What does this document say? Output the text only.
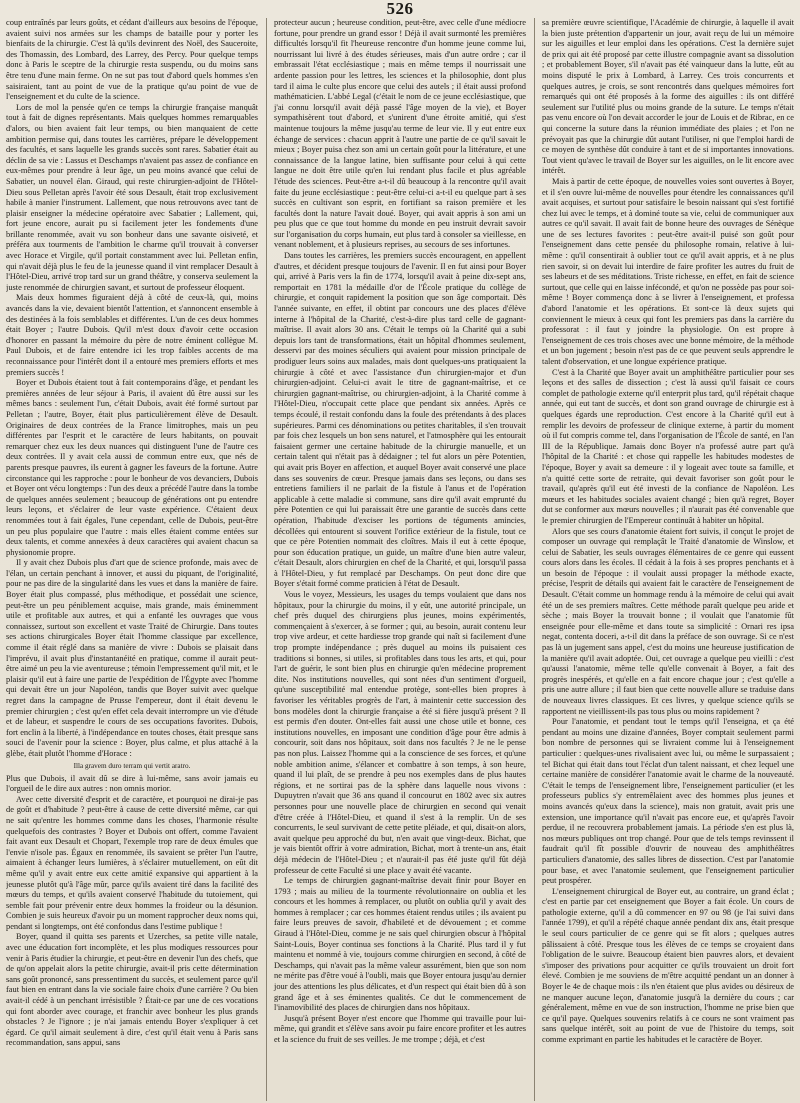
526

coup entraînés par leurs goûts, et cédant d'ailleurs aux besoins de l'époque, avaient suivi nos armées sur les champs de bataille pour y porter les bienfaits de la chirurgie. C'est là qu'ils devinrent des Noël, des Sauceroite, des Thomassin, des Lombard, des Larrey, des Percy. Pour quelque temps donc à Paris le sceptre de la chirurgie resta suspendu, ou du moins sans être tenu d'une main ferme. On ne sut pas tout d'abord quels hommes s'en saisiraient, tant au point de vue de la pratique qu'au point de vue de l'enseignement et du culte de la science.

Lors de mol la pensée qu'en ce temps la chirurgie française manquât tout à fait de dignes représentants. Mais quelques hommes remarquables d'alors, ou bien avaient fait leur temps, ou bien manquaient de cette ambition permise qui, dans toutes les carrières, prépare le développement des facultés, et sans laquelle les grands succès sont rares. Sabatier était au déclin de sa vie : Lassus et Deschamps n'avaient pas assez de confiance en eux-mêmes pour prendre à leur âge, un peu moins avancé que celui de Sabatier, un nouvel élan. Giraud, qui reste chirurgien-adjoint de l'Hôtel-Dieu sous Pelletan après l'avoir été sous Desault, était trop exclusivement habile à manier l'instrument. Lallement, que nous retrouvons avec tant de plaisir enseigner la médecine opératoire avec Sabatier ; Lallement, qui, fort jeune encore, aurait pu si facilement jeter les fondements d'une brillante renommée, avait vu son bonheur dans une savante oisiveté, et préféra aux tourments de l'ambition le charme qu'il trouvait à converser avec Horace et Virgile, qu'il portait constamment avec lui. Pelletan enfin, qui n'avait déjà plus le feu de la jeunesse quand il vint remplacer Desault à l'Hôtel-Dieu, arrivé trop tard sur un grand théâtre, y conserva seulement la juste renommée de chirurgien savant, et surtout de professeur éloquent.

Mais deux hommes figuraient déjà à côté de ceux-là, qui, moins avancés dans la vie, devaient bientôt l'attention, et s'annoncent ensemble à des destinées à la fois semblables et différentes. L'un de ces deux hommes était Boyer ; l'autre Dubois. Qu'il m'est doux d'avoir cette occasion d'honorer en passant la mémoire du père de notre éminent collègue M. Paul Dubois, et de faire entendre ici les trop faibles accents de ma reconnaissance pour l'intérêt dont il a entouré mes premiers efforts et mes premiers succès !

Boyer et Dubois étaient tout à fait contemporains d'âge, et pendant les premières années de leur séjour à Paris, il avaient dû être aussi sur les mêmes bancs : seulement l'un, c'était Dubois, avait été formé surtout par Pelletan ; l'autre, Boyer, était plus particulièrement élève de Desault. Originaires de deux contrées de la France limitrophes, mais un peu différentes par l'esprit et le caractère de leurs habitants, on pouvait remarquer chez eux les deux nuances qui distinguent l'une de l'autre ces deux contrées. Il y avait cela aussi de commun entre eux, que nés de parents presque pauvres, ils eurent à gagner les faveurs de la fortune. Autre circonstance qui les rapproche : pour le bonheur de vos devanciers, Dubois et Boyer ont vécu longtemps : l'un des deux a précédé l'autre dans la tombe de quelques années seulement ; beaucoup de générations ont pu entendre leurs leçons, et s'éclairer de leur vaste expérience. C'étaient deux renommées tout à fait égales, l'une cependant, celle de Dubois, peut-être un peu plus populaire que l'autre : mais elles étaient comme entées sur deux talents, et comme annexées à deux caractères qui avaient chacun sa physionomie propre.

Il y avait chez Dubois plus d'art que de science profonde, mais avec de l'élan, un certain penchant à innover, et aussi du piquant, de l'originalité, pour ne pas dire de la singularité dans les vues et dans la manière de faire. Boyer était plus compassé, plus méthodique, et possédait une science, peut-être un peu péniblement acquise, mais grande, mais éminemment utile et profitable aux autres, et qui a enfanté les ouvrages que vous connaissez, surtout son excellent et vaste Traité de Chirurgie. Dans toutes ses actions chirurgicales Boyer était l'homme classique par excellence, comme il était réglé dans sa manière de vivre : Dubois se plaisait dans l'imprévu, il avait plus d'instantanéité en pratique, comme il aurait peut-être aimé un peu la vie aventureuse ; témoin l'empressement qu'il mit, et le plaisir qu'il eut à faire une partie de l'expédition de l'Égypte avec l'homme qui devait être un jour Napoléon, tandis que Boyer suivit avec quelque regret dans la campagne de Prusse l'empereur, dont il était devenu le premier chirurgien ; c'est qu'en effet cela devait interrompre un vie d'étude et de labeur, et suspendre le cours de ses occupations favorites. Dubois, fort enclin à la liberté, à l'indépendance en toutes choses, était presque sans souci de l'avenir pour la science : Boyer, plus calme, et plus attaché à la glèbe, était plutôt l'homme d'Horace :

Illa gravem duro terram qui vertit aratro.

Plus que Dubois, il avait dû se dire à lui-même, sans avoir jamais eu l'orgueil de le dire aux autres : non omnis morior.

Avec cette diversité d'esprit et de caractère, et pourquoi ne dirai-je pas de goût et d'habitude ? peut-être à cause de cette diversité même, car qui ne sait qu'entre les hommes comme dans les choses, l'harmonie résulte quelquefois des contrastes ? Boyer et Dubois ont offert, comme l'avaient fait avant eux Desault et Chopart, l'exemple trop rare de deux émules que l'envie n'isole pas. Égaux en renommée, ils savaient se prêter l'un l'autre, aimaient à échanger leurs lumières, à s'éclairer mutuellement, on eût dit même qu'il y avait entre eux cette amitié expansive qui appartient à la jeunesse plutôt qu'à l'âge mûr, parce qu'ils avaient tiré dans la facilité des mœurs du temps, et qu'ils avaient conservé l'habitude du tutoiement, qui semble fait pour prévenir entre deux hommes la froideur ou la désunion. Combien je suis heureux d'avoir pu un moment rapprocher deux noms qui, pendant si longtemps, ont été confondus dans l'estime publique !

Boyer, quand il quitta ses parents et Uzerches, sa petite ville natale, avec une éducation fort incomplète, et les plus modiques ressources pour venir à Paris étudier la chirurgie, et peut-être en devenir l'un des chefs, que de qu'on appelait alors la petite chirurgie, avait-il pris cette détermination sans goût prononcé, sans pressentiment du succès, et seulement parce qu'il faut bien en entrant dans la vie sociale faire choix d'une carrière ? Ou bien avait-il cédé à un penchant irrésistible ? Était-ce par une de ces vocations qui font aborder avec courage, et franchir avec bonheur les plus grands obstacles ? Je l'ignore ; je n'ai jamais entendu Boyer s'expliquer à cet égard. Ce qu'il aimait seulement à dire, c'est qu'il était venu à Paris sans recommandation, sans appui, sans

protecteur aucun ; heureuse condition, peut-être, avec celle d'une médiocre fortune, pour prendre un grand essor ! Déjà il avait surmonté les premières difficultés lorsqu'il fit l'heureuse rencontre d'un homme jeune comme lui, nourrissant lui livré à des études sérieuses, mais d'un autre ordre ; car il embrassait l'état ecclésiastique ; mais en même temps il nourrissait une ardente passion pour les lettres, les sciences et la philosophie, dont plus tard il aima le culte plus encore que celui des autels ; il était aussi profond mathématicien. L'abbé Legal (c'était le nom de ce jeune ecclésiastique, que j'ai connu lorsqu'il avait déjà passé l'âge moyen de la vie), et Boyer sympathisèrent tout d'abord, et s'unirent d'une étroite amitié, qui s'est maintenue toujours la même jusqu'au terme de leur vie. Il y eut entre eux échange de services : chacun apprit à l'autre une partie de ce qu'il savait le mieux ; Boyer puisa chez son ami un certain goût pour la littérature, et une connaissance de la langue latine, bien suffisante pour celui à qui cette langue ne doit être utile qu'en lui rendant plus facile et plus agréable l'étude des sciences. Peut-être a-t-il dû beaucoup à la rencontre qu'il avait faite du jeune ecclésiastique : peut-être celui-ci a-t-il eu quelque part à ses succès en cultivant son esprit, en fortifiant sa raison première et les facultés dont la nature l'avait doué. Boyer, qui avait appris à son ami un peu plus que ce que tout homme du monde en peu instruit devrait savoir sur l'organisation du corps humain, eut plus tard à consoler sa vieillesse, en venant noblement, et à plusieurs reprises, au secours de ses infortunes.

Dans toutes les carrières, les premiers succès encouragent, en appellent d'autres, et décident presque toujours de l'avenir. Il en fut ainsi pour Boyer qui, arrivé à Paris vers la fin de 1774, lorsqu'il avait à peine dix-sept ans, remportait en 1781 la médaille d'or de l'École pratique du collège de chirurgie, et conquit rapidement la position que son âge comportait. Dès l'année suivante, en effet, il obtint par concours une des places d'élève interne à l'hôpital de la Charité, c'est-à-dire plus tard celle de gagnant-maîtrise. Il avait alors 30 ans. C'était le temps où la Charité qui a subi depuis lors tant de transformations, était un hôpital d'hommes seulement, desservi par des moines séculiers qui avaient pour mission principale de prodiguer leurs soins aux malades, mais dont quelques-uns pratiquaient la chirurgie à côté et avec l'assistance d'un chirurgien-major et d'un chirurgien-adjoint. Celui-ci avait le titre de gagnant-maîtrise, et ce chirurgien gagnant-maîtrise, ou chirurgien-adjoint, à la Charité comme à l'Hôtel-Dieu, n'occupait cette place que pendant six années. Après ce temps écoulé, il restait confondu dans la foule des prétendants à des places supérieures. Parmi ces dénominations ou petites charitables, il s'en trouvait par fois chez lesquels un bon sens naturel, et l'atmosphère qui les entourait faisaient germer une certaine habitude de la chirurgie manuelle, et un certain talent qui n'était pas à dédaigner ; tel fut alors un père Potentien, qui avait pris Boyer en affection, et auquel Boyer avait conservé une place dans ses souvenirs de cœur. Presque jamais dans ses leçons, ou dans ses entretiens familiers il ne parlait de la fistule à l'anus et de l'opération applicable à cette maladie si commune, sans dire qu'il avait emprunté du père Potentien ce qui lui paraissait être une garantie de succès dans cette opération, l'habitude d'exciser les portions de téguments amincies, décollées qui entourent si souvent l'orifice extérieur de la fistule, tout ce que ce père Potentien nommait des cloîtres. Mais il eut à cette époque, pour son éducation pratique, un guide, un maître d'une bien autre valeur, c'était Desault, alors chirurgien en chef de la Charité, et qui, lorsqu'il passa à l'Hôtel-Dieu, y fut remplacé par Deschamps. On peut donc dire que Boyer s'était formé comme praticien à l'état de Desault.

Vous le voyez, Messieurs, les usages du temps voulaient que dans nos hôpitaux, pour la chirurgie du moins, il y eût, une autorité principale, un chef près duquel des chirurgiens plus jeunes, moins expérimentés, commençaient à s'exercer, à se former ; qui, au besoin, aurait contenu leur trop vive ardeur, et cette hardiesse trop grande qui naît si facilement d'une trop prompte indépendance ; près duquel au moins ils puisaient ces traditions si bonnes, si utiles, si profitables dans tous les arts, et qui, pour l'art de guérir, le sont bien plus en chirurgie qu'en médecine proprement dite. Nos institutions nouvelles, qui sont nées d'un sentiment d'orgueil, qu'une susceptibilité mal entendue protège, sont-elles bien propres à favoriser les véritables progrès de l'art, à maintenir cette succession des bons modèles dont la chirurgie française a été si fière jusqu'à présent ? Il est permis d'en douter. Ont-elles fait aussi une chose utile et bonne, ces institutions nouvelles, en imposant une condition d'âge pour être admis à concourir, soit dans nos hôpitaux, soit dans nos facultés ? Je ne le pense pas non plus. Laissez l'homme qui a la conscience de ses forces, et qu'une noble ambition anime, s'élancer et combattre à son temps, à son heure, quand il lui plaît, de se prendre à peu nos exemples dans de plus hautes régions, et ne sortirai pas de la sphère dans laquelle nous vivons : Dupuytren n'avait que 36 ans quand il concourut en 1802 avec six autres personnes pour une nouvelle place de chirurgien en second qui venait d'être créée à l'Hôtel-Dieu, et quand il s'est à la remplir. Un de ses concurrents, le seul survivant de cette petite pléiade, et qui, disait-on alors, avait quelque peu approché du but, n'en avait que vingt-deux. Bichat, que je vais bientôt offrir à votre admiration, Bichat, mort à trente-un ans, était déjà médecin de l'Hôtel-Dieu ; et n'aurait-il pas été juste qu'il fût déjà professeur de cette Faculté si une place y avait été vacante.

Le temps de chirurgien gagnant-maîtrise devait finir pour Boyer en 1793 ; mais au milieu de la tourmente révolutionnaire on oublia et les concours et les hommes à remplacer, ou plutôt on oublia qu'il y avait des hommes à remplacer ; car ces hommes étaient rendus utiles ; ils avaient pu faire leurs preuves de savoir, d'habileté et de dévouement ; et comme Giraud à l'Hôtel-Dieu, comme je ne sais quel chirurgien obscur à l'hôpital Saint-Louis, Boyer continua ses fonctions à la Charité. Plus tard il y fut maintenu et nommé à vie, toujours comme chirurgien en second, à côté de Deschamps, qui n'avait pas la même valeur assurément, bien que son nom ne mérite pas d'être voué à l'oubli, mais que Boyer entoura jusqu'au dernier jour des attentions les plus délicates, et d'un respect qui était bien dû à son grand âge et à ses éminentes qualités. Ce dut le commencement de l'inamovibilité des places de chirurgien dans nos hôpitaux.

Jusqu'à présent Boyer n'est encore que l'homme qui travaille pour lui-même, qui grandit et s'élève sans avoir pu faire encore profiter et les autres et la science du fruit de ses veilles. Je me trompe ; déjà, et c'est

sa première œuvre scientifique, l'Académie de chirurgie, à laquelle il avait la bien juste prétention d'appartenir un jour, avait reçu de lui un mémoire sur les aiguilles et leur emploi dans les opérations. C'est la dernière sujet de prix qui ait été proposé par cette illustre compagnie avant sa dissolution ; et probablement Boyer, s'il n'avait pas été vainqueur dans la lutte, eût au moins disputé le prix à Lombard, à Larrey. Ces trois concurrents et quelques autres, je crois, se sont rencontrés dans quelques mémoires fort remarqués qui ont été proposés à la forme des aiguilles : ils ont différé seulement sur l'utilité plus ou moins grande de la suture. Le temps n'était pas venu encore où l'on devait accorder le jour de Louis et de Ribrac, en ce qui concerne la suture dans la réunion immédiate des plaies ; et l'on ne prévoyait pas que la chirurgie dût autant l'utiliser, ni que l'emploi hardi de ce moyen de synthèse dût conduire à tant et de si importantes innovations. Tout vient qu'avec le travail de Boyer sur les aiguilles, on le lit encore avec intérêt.

Mais à partir de cette époque, de nouvelles voies sont ouvertes à Boyer, et il s'en ouvre lui-même de nouvelles pour étendre les connaissances qu'il avait acquises, et surtout pour satisfaire le besoin naissant qui s'est fortifié chez lui avec le temps, et à dominé toute sa vie, celui de communiquer aux autres ce qu'il savait. Il avait fait de bonne heure des ouvrages de Sénèque une de ses lectures favorites : peut-être avait-il puisé son goût pour l'enseignement dans cette pensée du philosophe romain, relative à lui-même : qu'il consentirait à oublier tout ce qu'il avait appris, et à ne plus rien savoir, si on devait lui interdire de faire profiter les autres du fruit de ses labeurs et de ses méditations. Triste richesse, en effet, en fait de science surtout, que celle qui en laisse infécondé, et qu'on ne possède pas pour soi-même ! Boyer commença donc à se livrer à l'enseignement, et professa d'abord l'anatomie et les opérations. Et sont-ce là deux sujets qui conviennent le mieux à ceux qui font les premiers pas dans la carrière du professorat : il faut y joindre la physiologie. On est propre à l'enseignement de ces trois choses avec une bonne mémoire, de la méthode et un bon jugement ; besoin n'est pas de ce que peuvent seuls apprendre le talent d'observation, et une longue expérience pratique.

C'est à la Charité que Boyer avait un amphithéâtre particulier pour ses leçons et des salles de dissection ; c'est là aussi qu'il faisait ce cours complet de pathologie externe qu'il enterprit plus tard, qu'il répétait chaque année, qui eut tant de succès, et dont son grand ouvrage de chirurgie est à quelques égards une reproduction. C'est encore à la Charité qu'il eut à remplir les devoirs de professeur de clinique externe, à partir du moment où il fut compris comme tel, dans l'organisation de l'École de santé, en l'an III de la République. Jamais donc Boyer n'a professé autre part qu'à l'hôpital de la Charité : et chose qui rappelle les habitudes modestes de l'époque, Boyer y avait sa demeure : il y logeait avec toute sa famille, et n'a quitté cette sorte de retraite, qui devait favoriser son goût pour le travail, qu'après qu'il eut été investi de la confiance de Napoléon. Les mœurs et les habitudes sociales avaient changé ; bien qu'à regret, Boyer dut se conformer aux mœurs nouvelles ; il n'aurait pas été convenable que le premier chirurgien de l'Empereur continuât à habiter un hôpital.

Alors que ses cours d'anatomie étaient fort suivis, il conçut le projet de composer un ouvrage qui remplaçât le Traité d'anatomie de Winslow, et celui de Sabatier, les seuls ouvrages élémentaires de ce genre qui eussent cours alors dans les écoles. Il cédait à la fois à ses propres penchants et à un besoin de l'époque : il voulait aussi propager la méthode exacte, précise, l'esprit de détails qui avaient fait le caractère de l'enseignement de Desault. C'était comme un hommage rendu à la mémoire de celui qui avait été un de ses premiers maîtres. Cette méthode paraît quelque peu aride et sèche ; mais Boyer la trouvait bonne ; il voulait que l'anatomie fût enseignée pour elle-même et dans toute sa simplicité : Ornari res ipsa negat, contenta doceri, a-t-il dit dans la préface de son ouvrage. Si ce n'est pas là un jugement sans appel, c'est du moins une heureuse justification de la manière qu'il avait adoptée. Oui, cet ouvrage a quelque peu vieilli : c'est qu'aussi l'anatomie, même telle qu'elle convenait à Boyer, a fait des progrès inespérés, et qu'elle en a fait encore chaque jour ; c'est qu'elle a pris une autre allure ; il faut bien que cette nouvelle allure se traduise dans de nouveaux livres classiques. Et ces livres, y quelque science qu'ils se rapportent ne vieillissent-ils pas tous plus ou moins rapidement ?

Pour l'anatomie, et pendant tout le temps qu'il l'enseigna, et ça été pendant au moins une dizaine d'années, Boyer comptait seulement parmi bon nombre de personnes qui se livraient comme lui à l'enseignement particulier : quelques-unes rivalisaient avec lui, ou même le surpassaient ; tel Bichat qui était dans tout l'éclat d'un talent naissant, et chez lequel une certaine manière de considérer l'anatomie avait le charme de la nouveauté. C'était le temps de l'enseignement libre, l'enseignement particulier (et les professeurs publics s'y entremêlaient avec des hommes plus jeunes et moins avancés qu'eux dans la science), mais non gratuit, avait pris une extension, une importance qu'il n'avait pas encore eue, et qu'après l'avoir perdue, il ne recouvrera probablement jamais. La période s'en est plus là, nos mœurs publiques ont trop changé. Pour que de tels temps revinssent il faudrait qu'il fît possible d'ouvrir de nouveau des amphithéâtres particuliers d'anatomie, des salles libres de dissection. C'est par l'anatomie pour base, et avec l'anatomie seulement, que l'enseignement particulier peut prospérer.

L'enseignement chirurgical de Boyer eut, au contraire, un grand éclat ; c'est en partie par cet enseignement que Boyer a fait école. Un cours de pathologie externe, qu'il a dû commencer en 97 ou 98 (je l'ai suivi dans l'année 1799), et qu'il a répété chaque année pendant dix ans, était presque le seul cours particulier de ce genre qui se fît alors ; quelques autres pâlissaient à côté. Presque tous les élèves de ce temps se croyaient dans l'obligation de le suivre. Beaucoup étaient bien pauvres alors, et devaient s'imposer des privations pour acquitter ce qu'ils trouvaient un droit fort élevé. Combien je me souviens de m'être acquitté pendant un an donner à Boyer le 4e de chaque mois : ils n'en étaient que plus avides ou désireux de ne manquer aucune leçon, d'anatomie jusqu'à la dernière du cours ; car généralement, même en vue de son instruction, l'homme ne prise bien que ce qu'il paye. Quelques souvenirs relatifs à ce cours ne sont vraiment pas sans quelque intérêt, soit au point de vue de l'histoire du temps, soit comme exprimant en partie les habitudes et le caractère de Boyer.
